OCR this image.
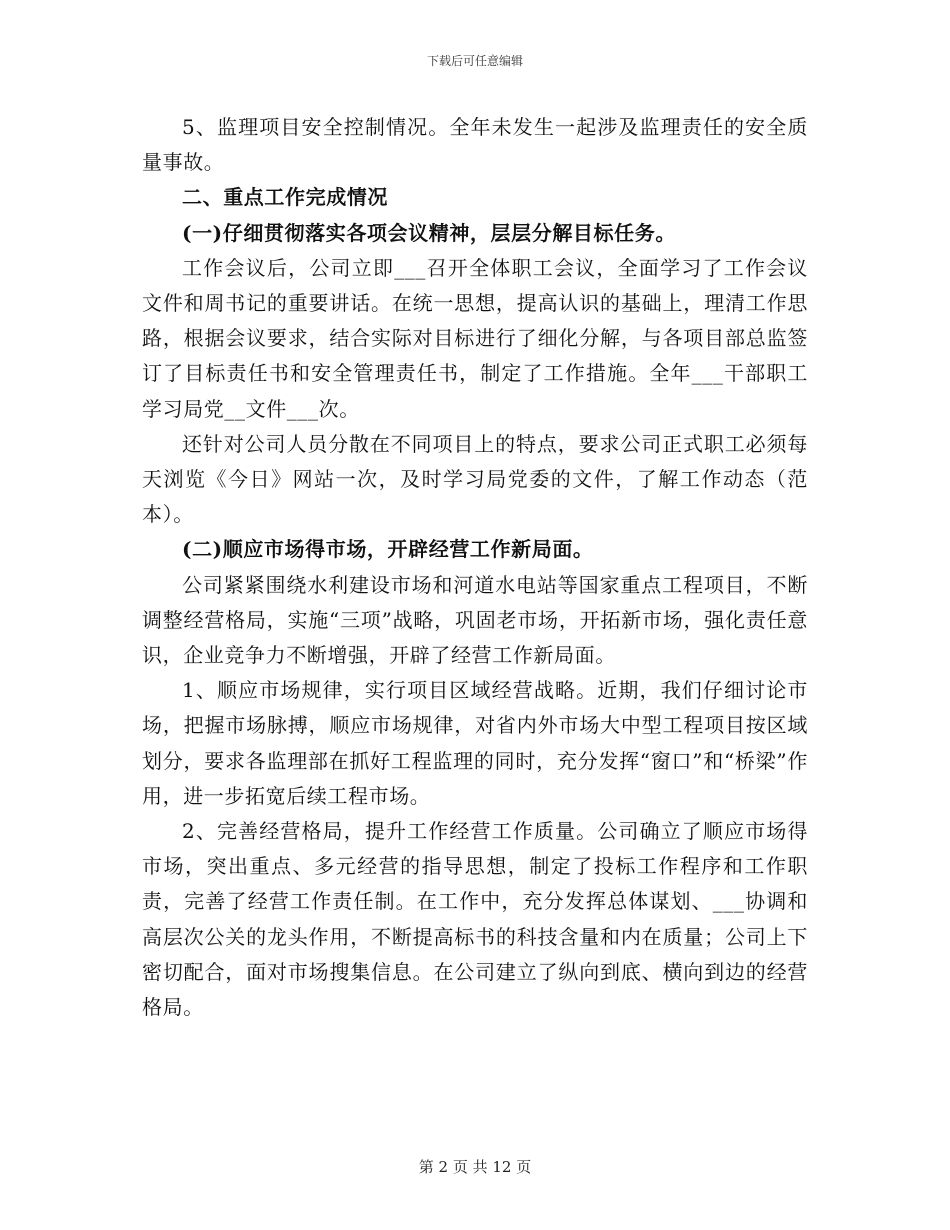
下载后可任意编辑

5、监理项目安全控制情况。全年未发生一起涉及监理责任的安全质量事故。

二、重点工作完成情况

(一)仔细贯彻落实各项会议精神，层层分解目标任务。

工作会议后，公司立即___召开全体职工会议，全面学习了工作会议文件和周书记的重要讲话。在统一思想，提高认识的基础上，理清工作思路，根据会议要求，结合实际对目标进行了细化分解，与各项目部总监签订了目标责任书和安全管理责任书，制定了工作措施。全年___干部职工学习局党__文件___次。

还针对公司人员分散在不同项目上的特点，要求公司正式职工必须每天浏览《今日》网站一次，及时学习局党委的文件，了解工作动态（范本）。

(二)顺应市场得市场，开辟经营工作新局面。

公司紧紧围绕水利建设市场和河道水电站等国家重点工程项目，不断调整经营格局，实施“三项”战略，巩固老市场，开拓新市场，强化责任意识，企业竞争力不断增强，开辟了经营工作新局面。

1、顺应市场规律，实行项目区域经营战略。近期，我们仔细讨论市场，把握市场脉搏，顺应市场规律，对省内外市场大中型工程项目按区域划分，要求各监理部在抓好工程监理的同时，充分发挥“窗口”和“桥梁”作用，进一步拓宽后续工程市场。

2、完善经营格局，提升工作经营工作质量。公司确立了顺应市场得市场，突出重点、多元经营的指导思想，制定了投标工作程序和工作职责，完善了经营工作责任制。在工作中，充分发挥总体谋划、___协调和高层次公关的龙头作用，不断提高标书的科技含量和内在质量；公司上下密切配合，面对市场搜集信息。在公司建立了纵向到底、横向到边的经营格局。

第 2 页 共 12 页
